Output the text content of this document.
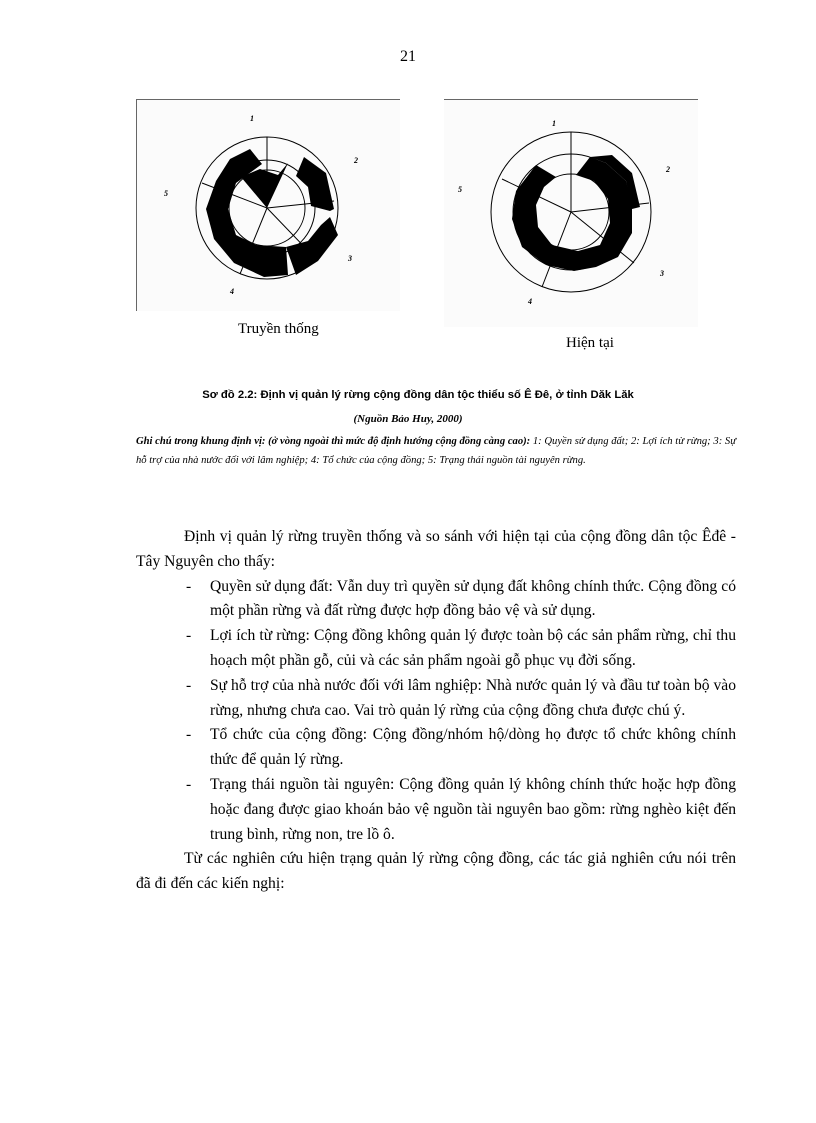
21
1
2
3
4
5
1
2
3
4
5
Truyền thống
Hiện tại
Sơ đồ 2.2: Định vị quản lý rừng cộng đồng dân tộc thiểu số Ê Đê, ở tỉnh Dăk Lăk
(Nguồn Bảo Huy, 2000)
Ghi chú trong khung định vị: (ở vòng ngoài thì mức độ định hướng cộng đồng càng cao): 1: Quyền sử dụng đất; 2: Lợi ích từ rừng; 3: Sự hỗ trợ của nhà nước đối với lâm nghiệp; 4: Tổ chức của cộng đồng; 5: Trạng thái nguồn tài nguyên rừng.

Định vị quản lý rừng truyền thống và so sánh với hiện tại của cộng đồng dân tộc Êđê - Tây Nguyên cho thấy:

- Quyền sử dụng đất: Vẫn duy trì quyền sử dụng đất không chính thức. Cộng đồng có một phần rừng và đất rừng được hợp đồng bảo vệ và sử dụng.
- Lợi ích từ rừng: Cộng đồng không quản lý được toàn bộ các sản phẩm rừng, chỉ thu hoạch một phần gỗ, củi và các sản phẩm ngoài gỗ phục vụ đời sống.
- Sự hỗ trợ của nhà nước đối với lâm nghiệp: Nhà nước quản lý và đầu tư toàn bộ vào rừng, nhưng chưa cao. Vai trò quản lý rừng của cộng đồng chưa được chú ý.
- Tổ chức của cộng đồng: Cộng đồng/nhóm hộ/dòng họ được tổ chức không chính thức để quản lý rừng.
- Trạng thái nguồn tài nguyên: Cộng đồng quản lý không chính thức hoặc hợp đồng hoặc đang được giao khoán bảo vệ nguồn tài nguyên bao gồm: rừng nghèo kiệt đến trung bình, rừng non, tre lồ ô.

Từ các nghiên cứu hiện trạng quản lý rừng cộng đồng, các tác giả nghiên cứu nói trên đã đi đến các kiến nghị:
